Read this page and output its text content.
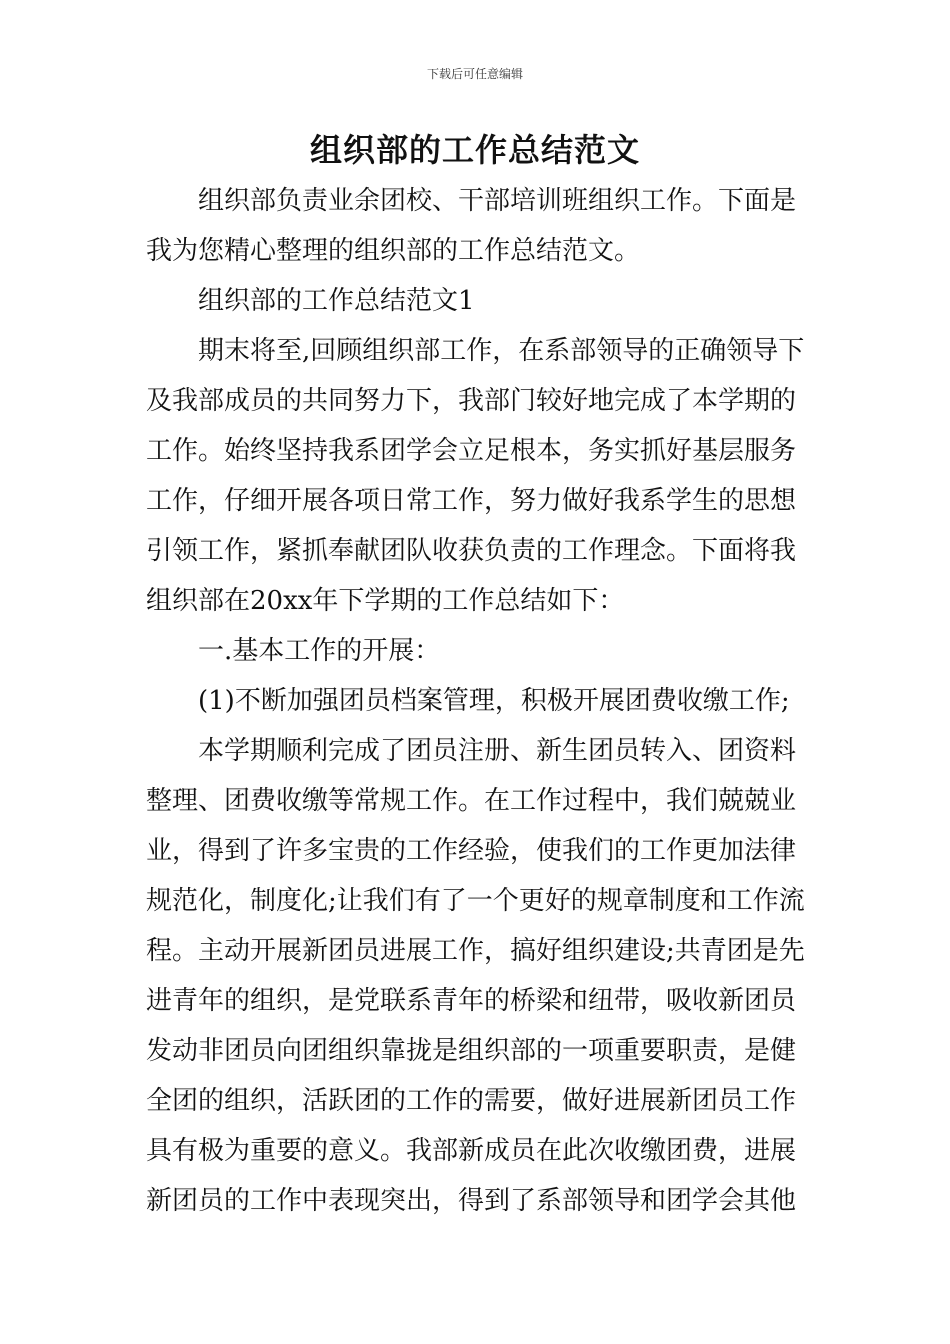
下载后可任意编辑
组织部的工作总结范文
组织部负责业余团校、干部培训班组织工作。下面是
我为您精心整理的组织部的工作总结范文。
组织部的工作总结范文1
期末将至,回顾组织部工作，在系部领导的正确领导下
及我部成员的共同努力下，我部门较好地完成了本学期的
工作。始终坚持我系团学会立足根本，务实抓好基层服务
工作，仔细开展各项日常工作，努力做好我系学生的思想
引领工作，紧抓奉献团队收获负责的工作理念。下面将我
组织部在20xx年下学期的工作总结如下：
一.基本工作的开展：
(1)不断加强团员档案管理，积极开展团费收缴工作;
本学期顺利完成了团员注册、新生团员转入、团资料
整理、团费收缴等常规工作。在工作过程中，我们兢兢业
业，得到了许多宝贵的工作经验，使我们的工作更加法律
规范化，制度化;让我们有了一个更好的规章制度和工作流
程。主动开展新团员进展工作，搞好组织建设;共青团是先
进青年的组织，是党联系青年的桥梁和纽带，吸收新团员
发动非团员向团组织靠拢是组织部的一项重要职责，是健
全团的组织，活跃团的工作的需要，做好进展新团员工作
具有极为重要的意义。我部新成员在此次收缴团费，进展
新团员的工作中表现突出，得到了系部领导和团学会其他
